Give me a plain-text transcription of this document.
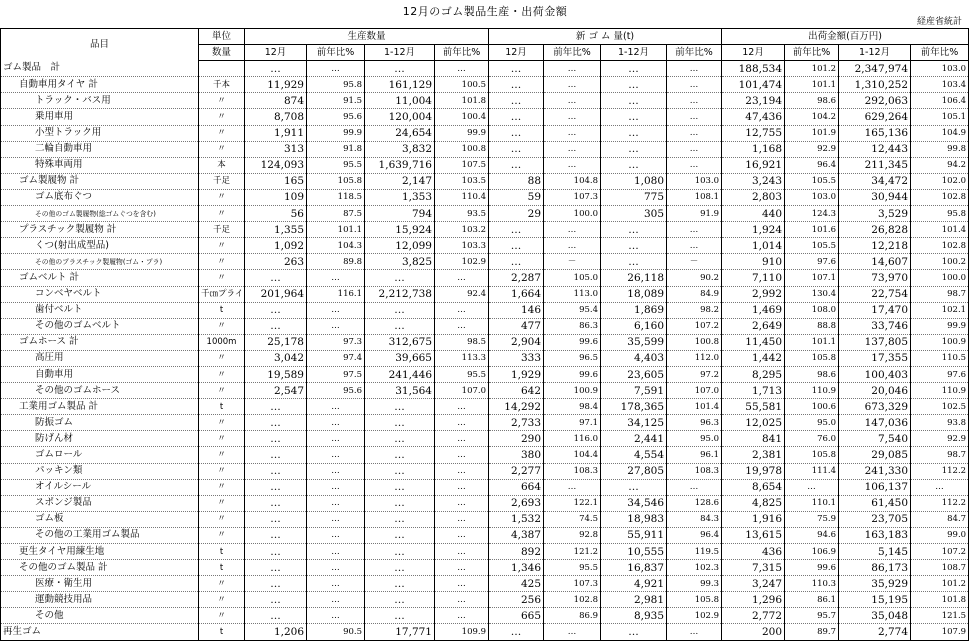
12月のゴム製品生産・出荷金額
経産省統計
品目	単位	生産数量				新 ゴ ム 量(t)				出荷金額(百万円)			
	数量	12月	前年比%	1-12月	前年比%	12月	前年比%	1-12月	前年比%	12月	前年比%	1-12月	前年比%
ゴム製品　計		…	…	…	…	…	…	…	…	188,534	101.2	2,347,974	103.0
自動車用タイヤ 計	千本	11,929	95.8	161,129	100.5	…	…	…	…	101,474	101.1	1,310,252	103.4
トラック・バス用	〃	874	91.5	11,004	101.8	…	…	…	…	23,194	98.6	292,063	106.4
乗用車用	〃	8,708	95.6	120,004	100.4	…	…	…	…	47,436	104.2	629,264	105.1
小型トラック用	〃	1,911	99.9	24,654	99.9	…	…	…	…	12,755	101.9	165,136	104.9
二輪自動車用	〃	313	91.8	3,832	100.8	…	…	…	…	1,168	92.9	12,443	99.8
特殊車両用	本	124,093	95.5	1,639,716	107.5	…	…	…	…	16,921	96.4	211,345	94.2
ゴム製履物 計	千足	165	105.8	2,147	103.5	88	104.8	1,080	103.0	3,243	105.5	34,472	102.0
ゴム底布ぐつ	〃	109	118.5	1,353	110.4	59	107.3	775	108.1	2,803	103.0	30,944	102.8
その他のゴム製履物(総ゴムぐつを含む)	〃	56	87.5	794	93.5	29	100.0	305	91.9	440	124.3	3,529	95.8
プラスチック製履物 計	千足	1,355	101.1	15,924	103.2	…	…	…	…	1,924	101.6	26,828	101.4
くつ(射出成型品)	〃	1,092	104.3	12,099	103.3	…	…	…	…	1,014	105.5	12,218	102.8
その他のプラスチック製履物(ゴム・プラ)	〃	263	89.8	3,825	102.9	…	－	…	－	910	97.6	14,607	100.2
ゴムベルト 計	〃	…	…	…	…	2,287	105.0	26,118	90.2	7,110	107.1	73,970	100.0
コンベヤベルト	千㎝プライ	201,964	116.1	2,212,738	92.4	1,664	113.0	18,089	84.9	2,992	130.4	22,754	98.7
歯付ベルト	t	…	…	…	…	146	95.4	1,869	98.2	1,469	108.0	17,470	102.1
その他のゴムベルト	〃	…	…	…	…	477	86.3	6,160	107.2	2,649	88.8	33,746	99.9
ゴムホース 計	1000m	25,178	97.3	312,675	98.5	2,904	99.6	35,599	100.8	11,450	101.1	137,805	100.9
高圧用	〃	3,042	97.4	39,665	113.3	333	96.5	4,403	112.0	1,442	105.8	17,355	110.5
自動車用	〃	19,589	97.5	241,446	95.5	1,929	99.6	23,605	97.2	8,295	98.6	100,403	97.6
その他のゴムホース	〃	2,547	95.6	31,564	107.0	642	100.9	7,591	107.0	1,713	110.9	20,046	110.9
工業用ゴム製品 計	t	…	…	…	…	14,292	98.4	178,365	101.4	55,581	100.6	673,329	102.5
防振ゴム	〃	…	…	…	…	2,733	97.1	34,125	96.3	12,025	95.0	147,036	93.8
防げん材	〃	…	…	…	…	290	116.0	2,441	95.0	841	76.0	7,540	92.9
ゴムロール	〃	…	…	…	…	380	104.4	4,554	96.1	2,381	105.8	29,085	98.7
パッキン類	〃	…	…	…	…	2,277	108.3	27,805	108.3	19,978	111.4	241,330	112.2
オイルシール	〃	…	…	…	…	664	…	…	…	8,654	…	106,137	…
スポンジ製品	〃	…	…	…	…	2,693	122.1	34,546	128.6	4,825	110.1	61,450	112.2
ゴム板	〃	…	…	…	…	1,532	74.5	18,983	84.3	1,916	75.9	23,705	84.7
その他の工業用ゴム製品	〃	…	…	…	…	4,387	92.8	55,911	96.4	13,615	94.6	163,183	99.0
更生タイヤ用練生地	t	…	…	…	…	892	121.2	10,555	119.5	436	106.9	5,145	107.2
その他のゴム製品 計	t	…	…	…	…	1,346	95.5	16,837	102.3	7,315	99.6	86,173	108.7
医療・衛生用	〃	…	…	…	…	425	107.3	4,921	99.3	3,247	110.3	35,929	101.2
運動競技用品	〃	…	…	…	…	256	102.8	2,981	105.8	1,296	86.1	15,195	101.8
その他	〃	…	…	…	…	665	86.9	8,935	102.9	2,772	95.7	35,048	121.5
再生ゴム	t	1,206	90.5	17,771	109.9	…	…	…	…	200	89.7	2,774	107.9
